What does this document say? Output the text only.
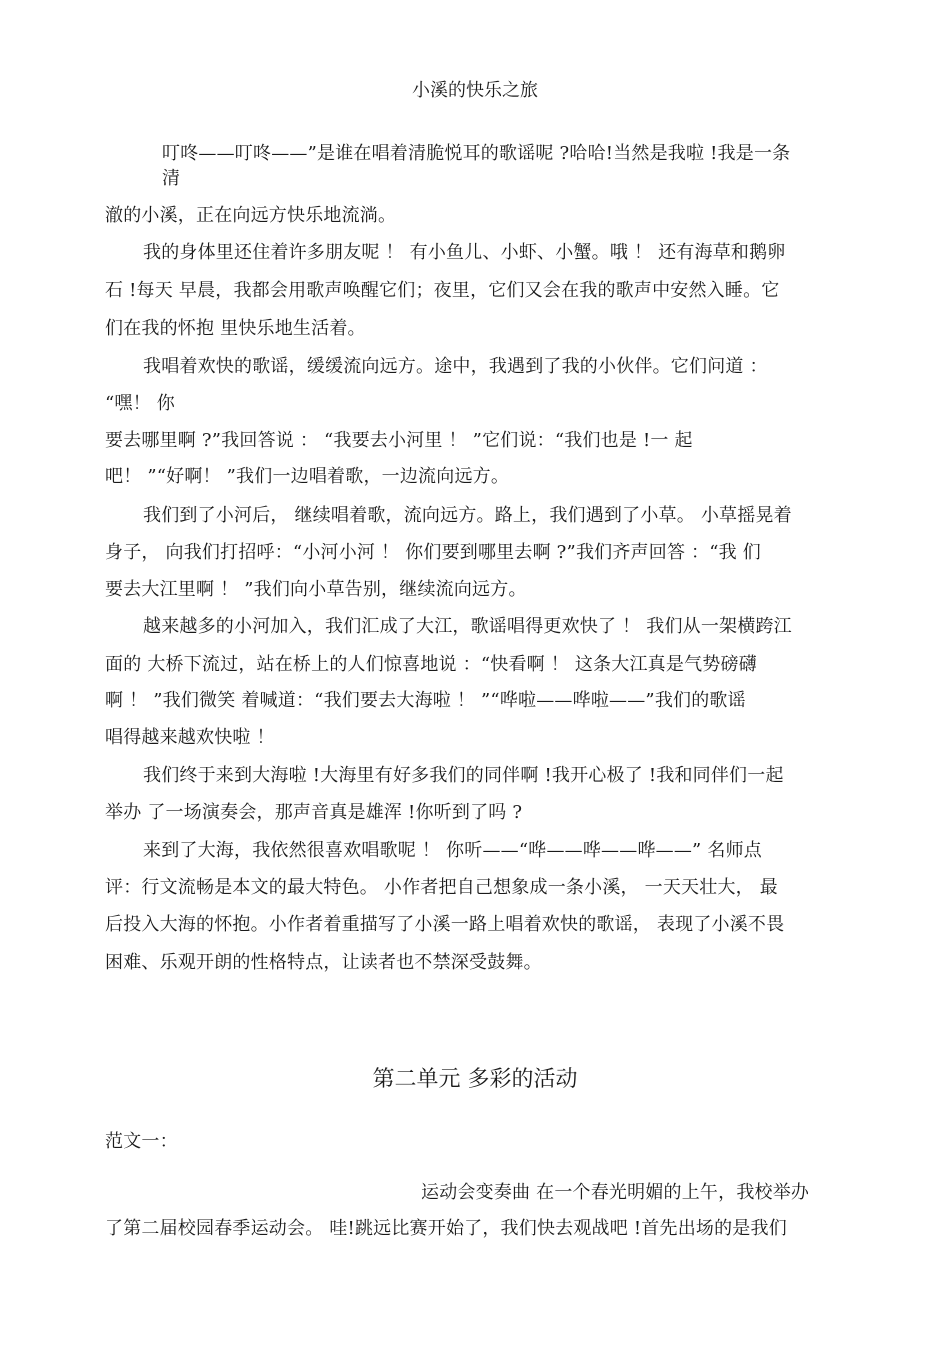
小溪的快乐之旅
叮咚——叮咚——”是谁在唱着清脆悦耳的歌谣呢 ?哈哈!当然是我啦 !我是一条
清
澈的小溪，正在向远方快乐地流淌。
我的身体里还住着许多朋友呢 ！ 有小鱼儿、小虾、小蟹。哦 ！ 还有海草和鹅卵
石 !每天 早晨，我都会用歌声唤醒它们；夜里，它们又会在我的歌声中安然入睡。它
们在我的怀抱 里快乐地生活着。
我唱着欢快的歌谣，缓缓流向远方。途中，我遇到了我的小伙伴。它们问道 ：
“嘿！ 你
要去哪里啊 ?”我回答说 ： “我要去小河里 ！ ”它们说：“我们也是 !一 起
吧！ ”“好啊！ ”我们一边唱着歌，一边流向远方。
我们到了小河后， 继续唱着歌，流向远方。路上，我们遇到了小草。 小草摇晃着
身子， 向我们打招呼：“小河小河 ！ 你们要到哪里去啊 ?”我们齐声回答 ：“我 们
要去大江里啊 ！ ”我们向小草告别，继续流向远方。
越来越多的小河加入，我们汇成了大江，歌谣唱得更欢快了 ！ 我们从一架横跨江
面的 大桥下流过，站在桥上的人们惊喜地说 ：“快看啊 ！ 这条大江真是气势磅礴
啊 ！ ”我们微笑 着喊道：“我们要去大海啦 ！ ”“哗啦——哗啦——”我们的歌谣
唱得越来越欢快啦 ！
我们终于来到大海啦 !大海里有好多我们的同伴啊 !我开心极了 !我和同伴们一起
举办 了一场演奏会，那声音真是雄浑 !你听到了吗 ?
来到了大海，我依然很喜欢唱歌呢 ！ 你听——“哗——哗——哗——” 名师点
评：行文流畅是本文的最大特色。 小作者把自己想象成一条小溪， 一天天壮大， 最
后投入大海的怀抱。小作者着重描写了小溪一路上唱着欢快的歌谣， 表现了小溪不畏
困难、乐观开朗的性格特点，让读者也不禁深受鼓舞。
第二单元 多彩的活动
范文一：
运动会变奏曲 在一个春光明媚的上午，我校举办
了第二届校园春季运动会。 哇!跳远比赛开始了，我们快去观战吧 !首先出场的是我们
